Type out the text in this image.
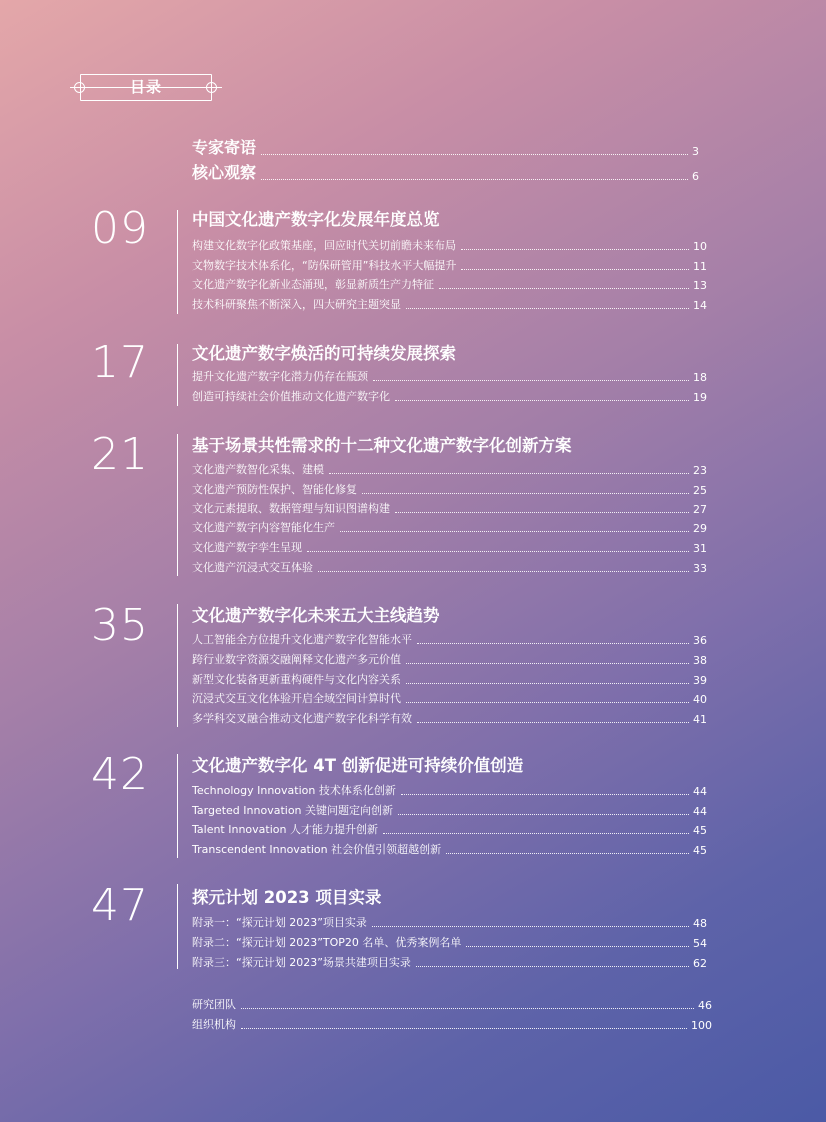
目录
专家寄语	3
核心观察	6
09	中国文化遗产数字化发展年度总览
构建文化数字化政策基座，回应时代关切前瞻未来布局	10
文物数字技术体系化，“防保研管用”科技水平大幅提升	11
文化遗产数字化新业态涌现，彰显新质生产力特征	13
技术科研聚焦不断深入，四大研究主题突显	14
17	文化遗产数字焕活的可持续发展探索
提升文化遗产数字化潜力仍存在瓶颈	18
创造可持续社会价值推动文化遗产数字化	19
21	基于场景共性需求的十二种文化遗产数字化创新方案
文化遗产数智化采集、建模	23
文化遗产预防性保护、智能化修复	25
文化元素提取、数据管理与知识图谱构建	27
文化遗产数字内容智能化生产	29
文化遗产数字孪生呈现	31
文化遗产沉浸式交互体验	33
35	文化遗产数字化未来五大主线趋势
人工智能全方位提升文化遗产数字化智能水平	36
跨行业数字资源交融阐释文化遗产多元价值	38
新型文化装备更新重构硬件与文化内容关系	39
沉浸式交互文化体验开启全域空间计算时代	40
多学科交叉融合推动文化遗产数字化科学有效	41
42	文化遗产数字化 4T 创新促进可持续价值创造
Technology Innovation 技术体系化创新	44
Targeted Innovation 关键问题定向创新	44
Talent Innovation 人才能力提升创新	45
Transcendent Innovation 社会价值引领超越创新	45
47	探元计划 2023 项目实录
附录一：“探元计划 2023”项目实录	48
附录二：“探元计划 2023”TOP20 名单、优秀案例名单	54
附录三：“探元计划 2023”场景共建项目实录	62
研究团队	46
组织机构	100
